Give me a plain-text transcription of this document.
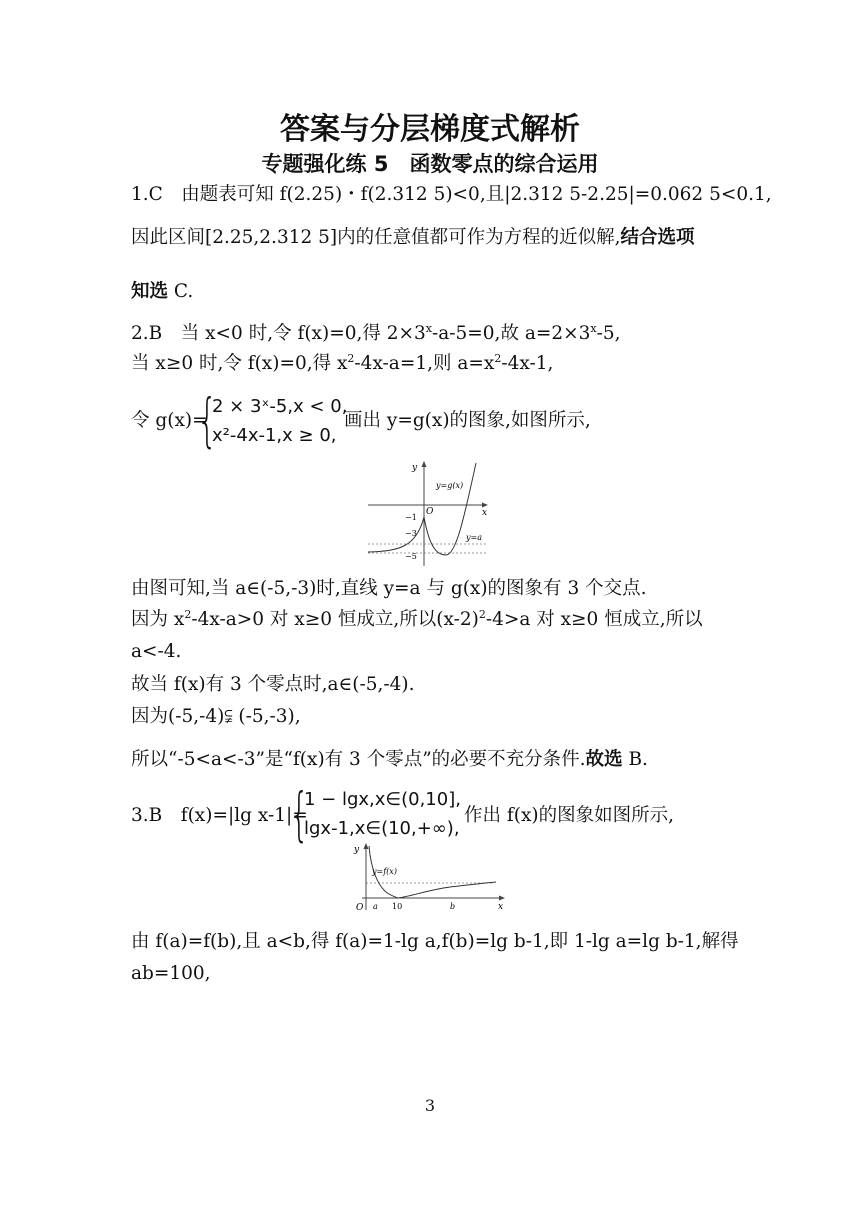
答案与分层梯度式解析
专题强化练 5　函数零点的综合运用
1.C　由题表可知 f(2.25)・f(2.312 5)<0,且|2.312 5-2.25|=0.062 5<0.1,
因此区间[2.25,2.312 5]内的任意值都可作为方程的近似解,结合选项
知选 C.
2.B　当 x<0 时,令 f(x)=0,得 $2\times 3^x-a-5=0$,故 $a=2\times 3^x-5$,
当 x≥0 时,令 f(x)=0,得 $x^2-4x-a=1$,则 $a=x^2-4x-1$,
令 g(x)=
{
2 × 3ˣ-5,x < 0,
x²-4x-1,x ≥ 0,
画出 y=g(x)的图象,如图所示,
y
x
O
−1
−3
−5
y=g(x)
y=a
由图可知,当 a∈(-5,-3)时,直线 y=a 与 g(x)的图象有 3 个交点.
因为 $x^2-4x-a>0$ 对 x≥0 恒成立,所以$(x-2)^2-4>a$ 对 x≥0 恒成立,所以
a<-4.
故当 f(x)有 3 个零点时,a∈(-5,-4).
因为(-5,-4)⫋ (-5,-3),
所以“-5<a<-3”是“f(x)有 3 个零点”的必要不充分条件.故选 B.
3.B　f(x)=|lg x-1|=
{
1 − lgx,x∈(0,10],
lgx-1,x∈(10,+∞),
作出 f(x)的图象如图所示,
y
x
O a 10	b
y=f(x)
由 f(a)=f(b),且 a<b,得 f(a)=1-lg a,f(b)=lg b-1,即 1-lg a=lg b-1,解得
ab=100,
3
